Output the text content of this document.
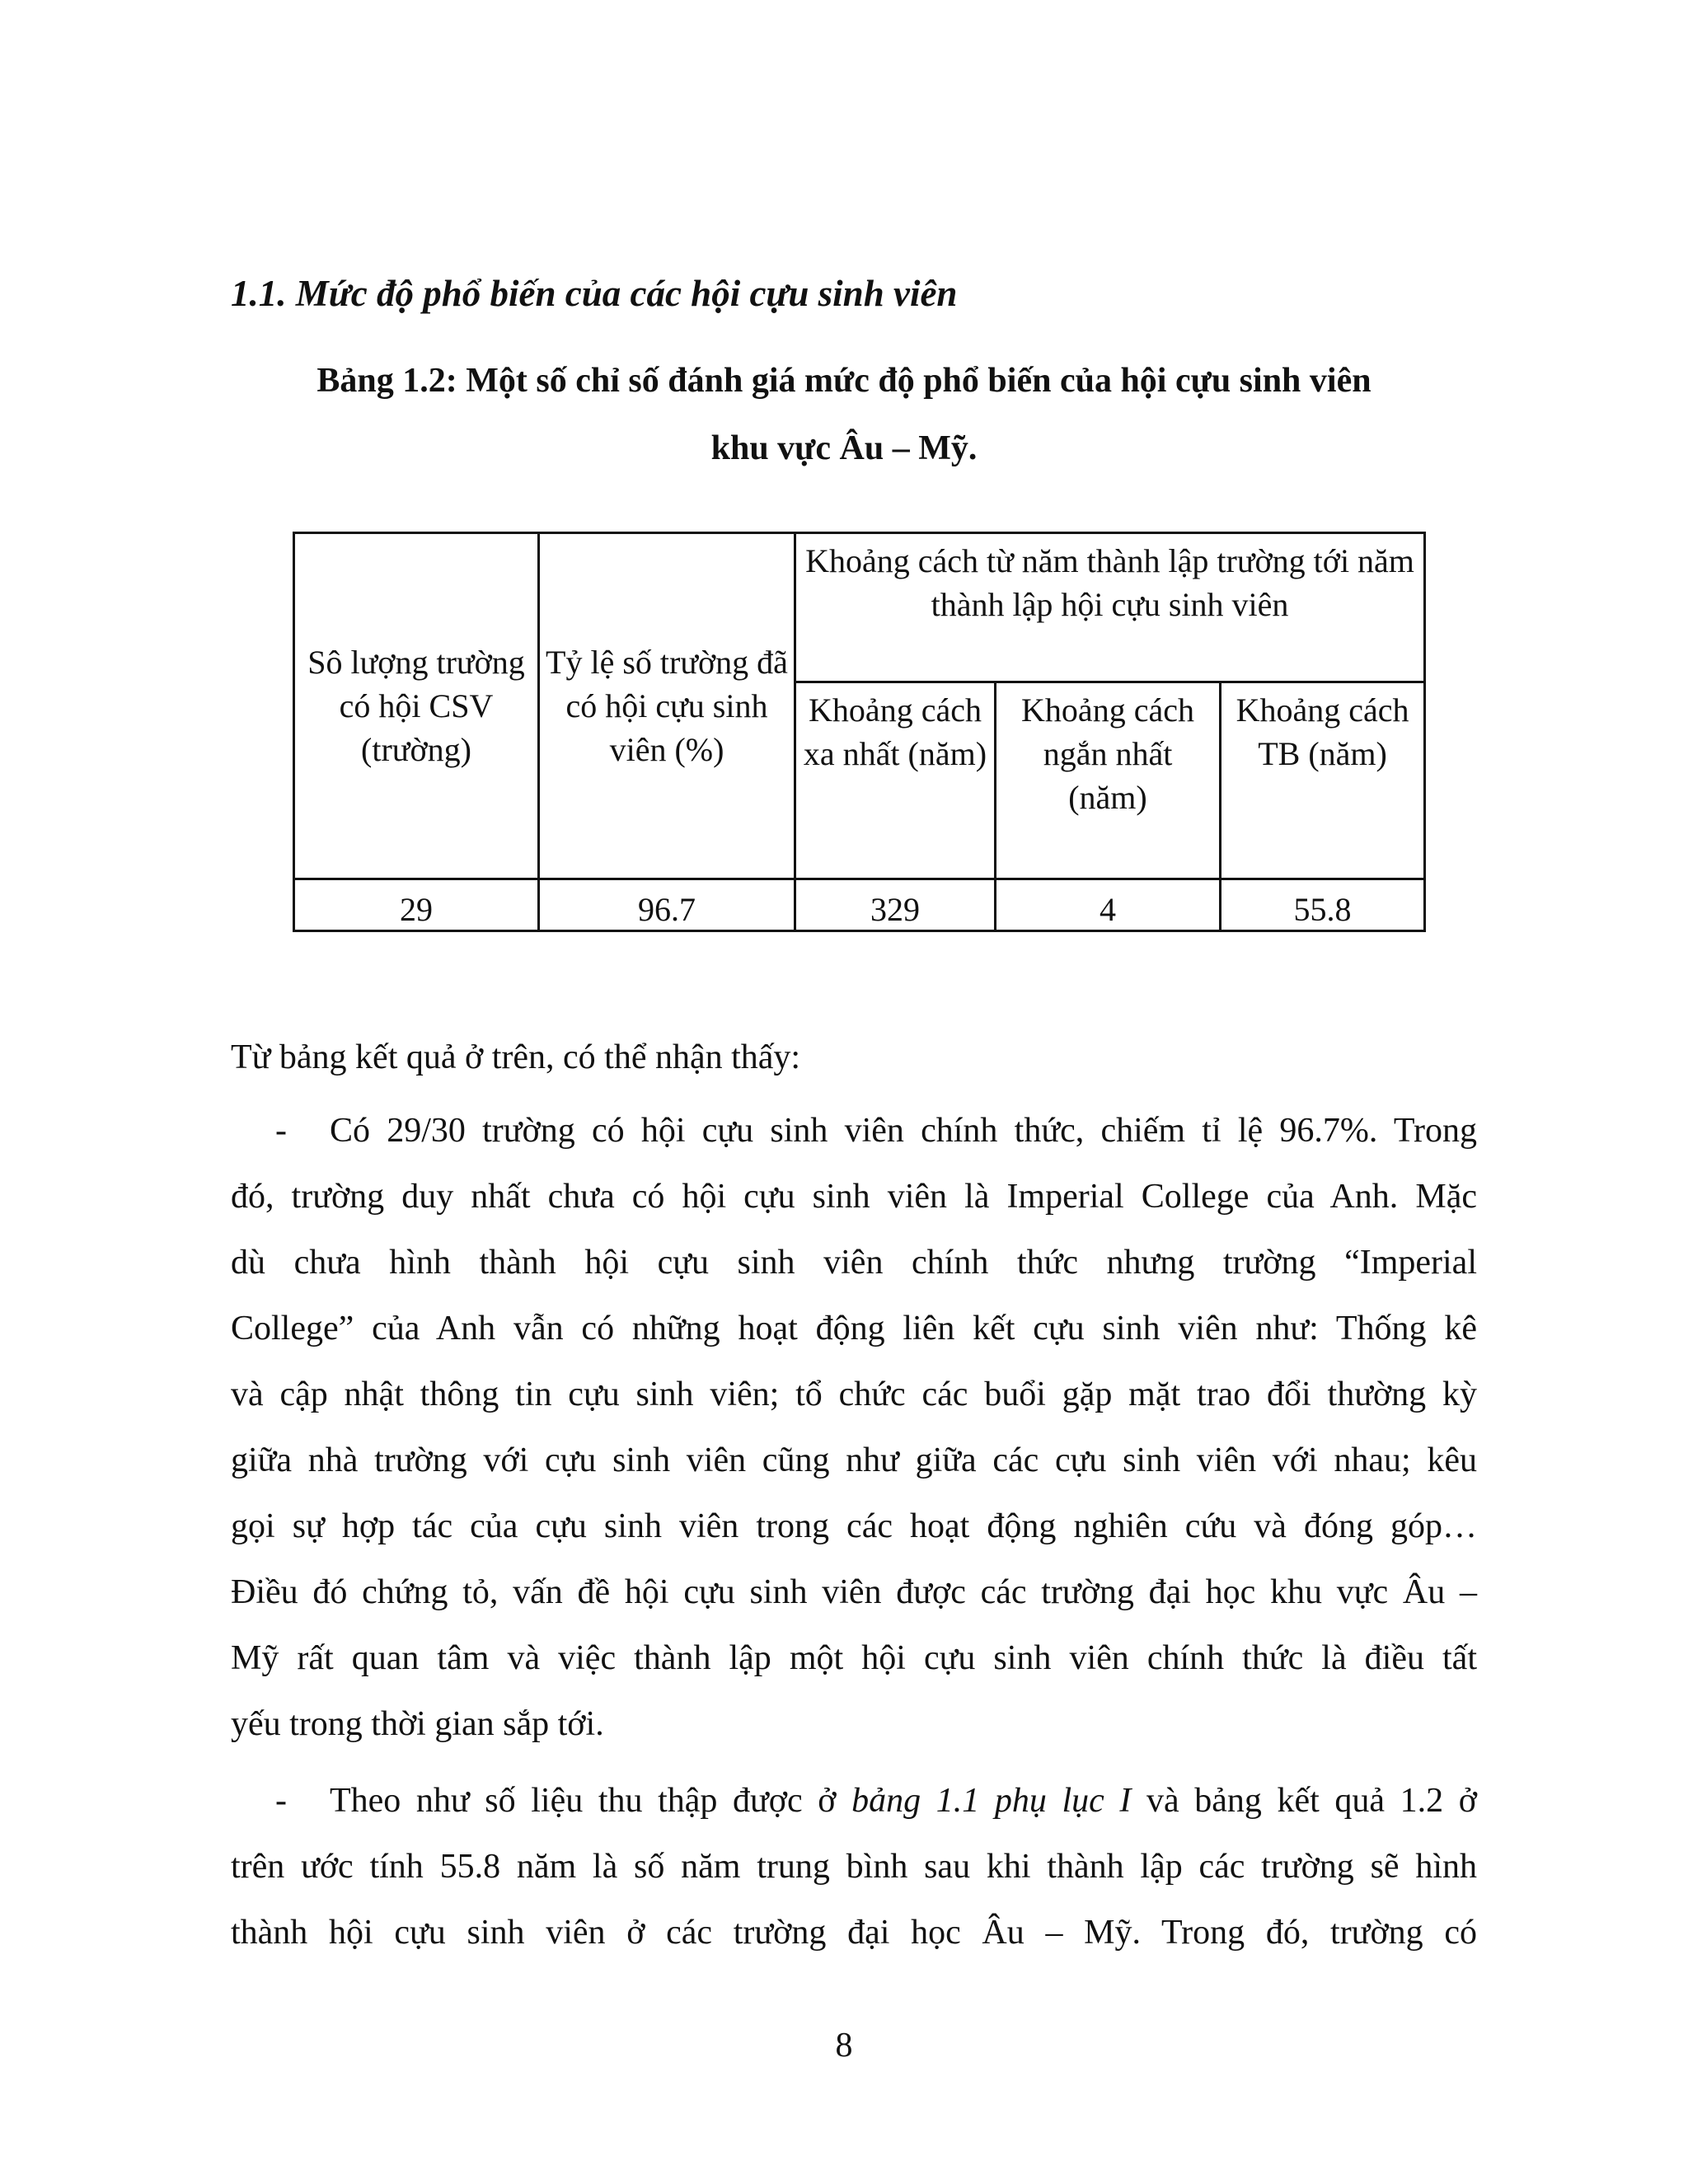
1.1. Mức độ phổ biến của các hội cựu sinh viên
Bảng 1.2: Một số chỉ số đánh giá mức độ phổ biến của hội cựu sinh viên
khu vực Âu – Mỹ.
Sô lượng trường có hội CSV (trường)	Tỷ lệ số trường đã có hội cựu sinh viên (%)	Khoảng cách từ năm thành lập trường tới năm thành lập hội cựu sinh viên		
		Khoảng cách xa nhất (năm)	Khoảng cách ngắn nhất (năm)	Khoảng cách TB (năm)
29	96.7	329	4	55.8
Từ bảng kết quả ở trên, có thể nhận thấy:
-	Có 29/30 trường có hội cựu sinh viên chính thức, chiếm tỉ lệ 96.7%. Trong
đó, trường duy nhất chưa có hội cựu sinh viên là Imperial College của Anh. Mặc
dù chưa hình thành hội cựu sinh viên chính thức nhưng trường “Imperial
College” của Anh vẫn có những hoạt động liên kết cựu sinh viên như: Thống kê
và cập nhật thông tin cựu sinh viên; tổ chức các buổi gặp mặt trao đổi thường kỳ
giữa nhà trường với cựu sinh viên cũng như giữa các cựu sinh viên với nhau; kêu
gọi sự hợp tác của cựu sinh viên trong các hoạt động nghiên cứu và đóng góp…
Điều đó chứng tỏ, vấn đề hội cựu sinh viên được các trường đại học khu vực Âu –
Mỹ rất quan tâm và việc thành lập một hội cựu sinh viên chính thức là điều tất
yếu trong thời gian sắp tới.
-	Theo như số liệu thu thập được ở bảng 1.1 phụ lục I và bảng kết quả 1.2 ở
trên ước tính 55.8 năm là số năm trung bình sau khi thành lập các trường sẽ hình
thành hội cựu sinh viên ở các trường đại học Âu – Mỹ. Trong đó, trường có
8
